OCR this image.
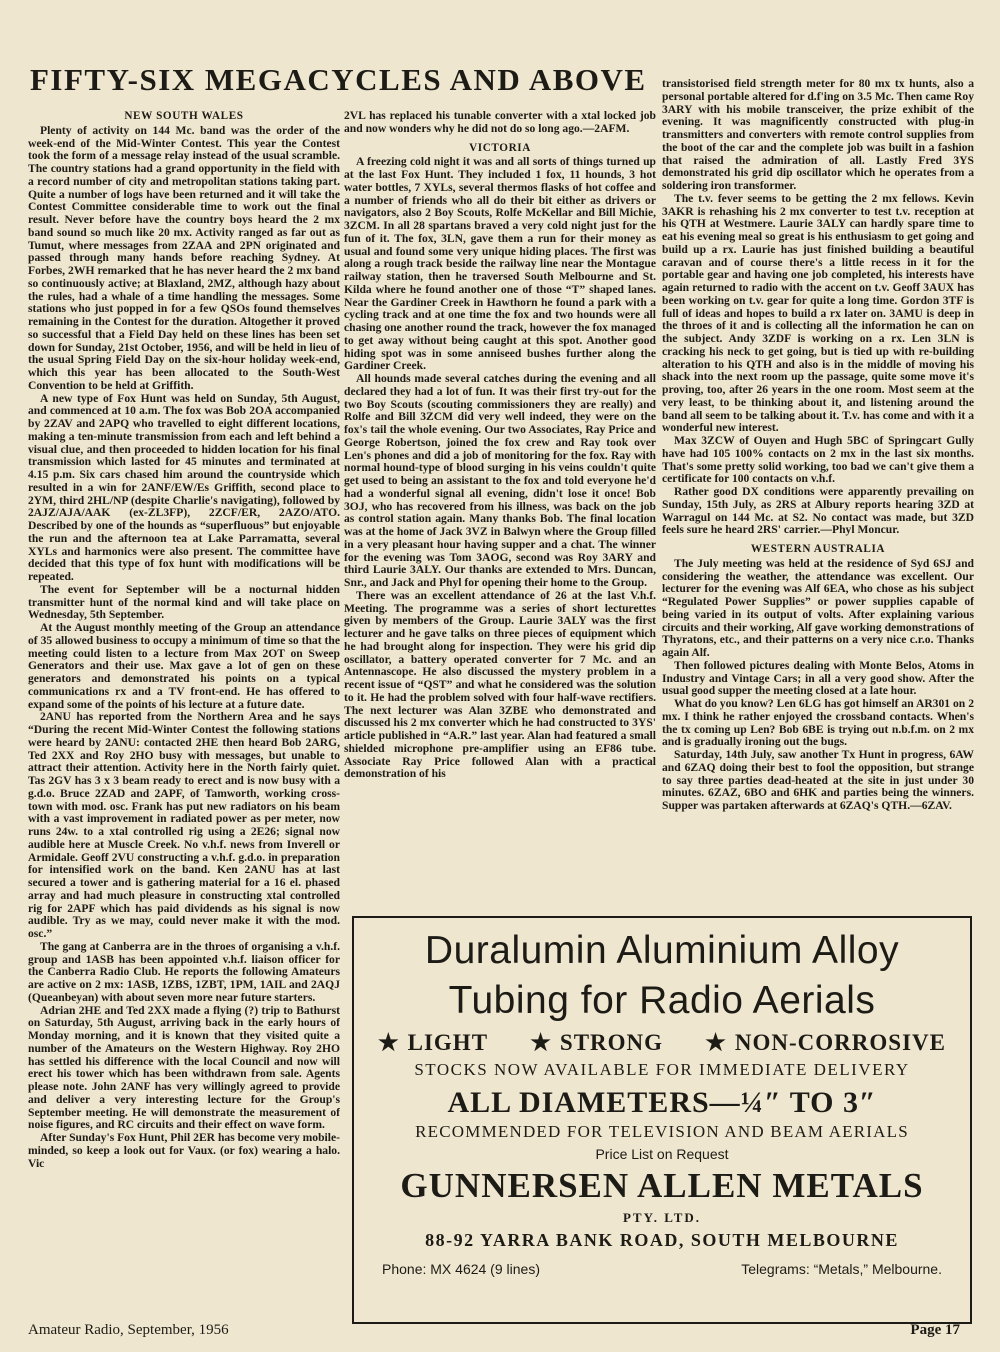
FIFTY-SIX MEGACYCLES AND ABOVE
NEW SOUTH WALES

Plenty of activity on 144 Mc. band was the order of the week-end of the Mid-Winter Contest. This year the Contest took the form of a message relay instead of the usual scramble. The country stations had a grand opportunity in the field with a record number of city and metropolitan stations taking part. Quite a number of logs have been returned and it will take the Contest Committee considerable time to work out the final result. Never before have the country boys heard the 2 mx band sound so much like 20 mx. Activity ranged as far out as Tumut, where messages from 2ZAA and 2PN originated and passed through many hands before reaching Sydney. At Forbes, 2WH remarked that he has never heard the 2 mx band so continuously active; at Blaxland, 2MZ, although hazy about the rules, had a whale of a time handling the messages. Some stations who just popped in for a few QSOs found themselves remaining in the Contest for the duration. Altogether it proved so successful that a Field Day held on these lines has been set down for Sunday, 21st October, 1956, and will be held in lieu of the usual Spring Field Day on the six-hour holiday week-end, which this year has been allocated to the South-West Convention to be held at Griffith.

A new type of Fox Hunt was held on Sunday, 5th August, and commenced at 10 a.m. The fox was Bob 2OA accompanied by 2ZAV and 2APQ who travelled to eight different locations, making a ten-minute transmission from each and left behind a visual clue, and then proceeded to hidden location for his final transmission which lasted for 45 minutes and terminated at 4.15 p.m. Six cars chased him around the countryside which resulted in a win for 2ANF/EW/Es Griffith, second place to 2YM, third 2HL/NP (despite Charlie's navigating), followed by 2AJZ/AJA/AAK (ex-ZL3FP), 2ZCF/ER, 2AZO/ATO. Described by one of the hounds as “superfluous” but enjoyable the run and the afternoon tea at Lake Parramatta, several XYLs and harmonics were also present. The committee have decided that this type of fox hunt with modifications will be repeated.

The event for September will be a nocturnal hidden transmitter hunt of the normal kind and will take place on Wednesday, 5th September.

At the August monthly meeting of the Group an attendance of 35 allowed business to occupy a minimum of time so that the meeting could listen to a lecture from Max 2OT on Sweep Generators and their use. Max gave a lot of gen on these generators and demonstrated his points on a typical communications rx and a TV front-end. He has offered to expand some of the points of his lecture at a future date.

2ANU has reported from the Northern Area and he says “During the recent Mid-Winter Contest the following stations were heard by 2ANU: contacted 2HE then heard Bob 2ARG, Ted 2XX and Roy 2HO busy with messages, but unable to attract their attention. Activity here in the North fairly quiet. Tas 2GV has 3 x 3 beam ready to erect and is now busy with a g.d.o. Bruce 2ZAD and 2APF, of Tamworth, working cross-town with mod. osc. Frank has put new radiators on his beam with a vast improvement in radiated power as per meter, now runs 24w. to a xtal controlled rig using a 2E26; signal now audible here at Muscle Creek. No v.h.f. news from Inverell or Armidale. Geoff 2VU constructing a v.h.f. g.d.o. in preparation for intensified work on the band. Ken 2ANU has at last secured a tower and is gathering material for a 16 el. phased array and had much pleasure in constructing xtal controlled rig for 2APF which has paid dividends as his signal is now audible. Try as we may, could never make it with the mod. osc.”

The gang at Canberra are in the throes of organising a v.h.f. group and 1ASB has been appointed v.h.f. liaison officer for the Canberra Radio Club. He reports the following Amateurs are active on 2 mx: 1ASB, 1ZBS, 1ZBT, 1PM, 1AIL and 2AQJ (Queanbeyan) with about seven more near future starters.

Adrian 2HE and Ted 2XX made a flying (?) trip to Bathurst on Saturday, 5th August, arriving back in the early hours of Monday morning, and it is known that they visited quite a number of the Amateurs on the Western Highway. Roy 2HO has settled his difference with the local Council and now will erect his tower which has been withdrawn from sale. Agents please note. John 2ANF has very willingly agreed to provide and deliver a very interesting lecture for the Group's September meeting. He will demonstrate the measurement of noise figures, and RC circuits and their effect on wave form.

After Sunday's Fox Hunt, Phil 2ER has become very mobile-minded, so keep a look out for Vaux. (or fox) wearing a halo. Vic

2VL has replaced his tunable converter with a xtal locked job and now wonders why he did not do so long ago.—2AFM.

VICTORIA

A freezing cold night it was and all sorts of things turned up at the last Fox Hunt. They included 1 fox, 11 hounds, 3 hot water bottles, 7 XYLs, several thermos flasks of hot coffee and a number of friends who all do their bit either as drivers or navigators, also 2 Boy Scouts, Rolfe McKellar and Bill Michie, 3ZCM. In all 28 spartans braved a very cold night just for the fun of it. The fox, 3LN, gave them a run for their money as usual and found some very unique hiding places. The first was along a rough track beside the railway line near the Montague railway station, then he traversed South Melbourne and St. Kilda where he found another one of those “T” shaped lanes. Near the Gardiner Creek in Hawthorn he found a park with a cycling track and at one time the fox and two hounds were all chasing one another round the track, however the fox managed to get away without being caught at this spot. Another good hiding spot was in some anniseed bushes further along the Gardiner Creek.

All hounds made several catches during the evening and all declared they had a lot of fun. It was their first try-out for the two Boy Scouts (scouting commissioners they are really) and Rolfe and Bill 3ZCM did very well indeed, they were on the fox's tail the whole evening. Our two Associates, Ray Price and George Robertson, joined the fox crew and Ray took over Len's phones and did a job of monitoring for the fox. Ray with normal hound-type of blood surging in his veins couldn't quite get used to being an assistant to the fox and told everyone he'd had a wonderful signal all evening, didn't lose it once! Bob 3OJ, who has recovered from his illness, was back on the job as control station again. Many thanks Bob. The final location was at the home of Jack 3VZ in Balwyn where the Group filled in a very pleasant hour having supper and a chat. The winner for the evening was Tom 3AOG, second was Roy 3ARY and third Laurie 3ALY. Our thanks are extended to Mrs. Duncan, Snr., and Jack and Phyl for opening their home to the Group.

There was an excellent attendance of 26 at the last V.h.f. Meeting. The programme was a series of short lecturettes given by members of the Group. Laurie 3ALY was the first lecturer and he gave talks on three pieces of equipment which he had brought along for inspection. They were his grid dip oscillator, a battery operated converter for 7 Mc. and an Antennascope. He also discussed the mystery problem in a recent issue of “QST” and what he considered was the solution to it. He had the problem solved with four half-wave rectifiers. The next lecturer was Alan 3ZBE who demonstrated and discussed his 2 mx converter which he had constructed to 3YS' article published in “A.R.” last year. Alan had featured a small shielded microphone pre-amplifier using an EF86 tube. Associate Ray Price followed Alan with a practical demonstration of his

transistorised field strength meter for 80 mx tx hunts, also a personal portable altered for d.f'ing on 3.5 Mc. Then came Roy 3ARY with his mobile transceiver, the prize exhibit of the evening. It was magnificently constructed with plug-in transmitters and converters with remote control supplies from the boot of the car and the complete job was built in a fashion that raised the admiration of all. Lastly Fred 3YS demonstrated his grid dip oscillator which he operates from a soldering iron transformer.

The t.v. fever seems to be getting the 2 mx fellows. Kevin 3AKR is rehashing his 2 mx converter to test t.v. reception at his QTH at Westmere. Laurie 3ALY can hardly spare time to eat his evening meal so great is his enthusiasm to get going and build up a rx. Laurie has just finished building a beautiful caravan and of course there's a little recess in it for the portable gear and having one job completed, his interests have again returned to radio with the accent on t.v. Geoff 3AUX has been working on t.v. gear for quite a long time. Gordon 3TF is full of ideas and hopes to build a rx later on. 3AMU is deep in the throes of it and is collecting all the information he can on the subject. Andy 3ZDF is working on a rx. Len 3LN is cracking his neck to get going, but is tied up with re-building alteration to his QTH and also is in the middle of moving his shack into the next room up the passage, quite some move it's proving, too, after 26 years in the one room. Most seem at the very least, to be thinking about it, and listening around the band all seem to be talking about it. T.v. has come and with it a wonderful new interest.

Max 3ZCW of Ouyen and Hugh 5BC of Springcart Gully have had 105 100% contacts on 2 mx in the last six months. That's some pretty solid working, too bad we can't give them a certificate for 100 contacts on v.h.f.

Rather good DX conditions were apparently prevailing on Sunday, 15th July, as 2RS at Albury reports hearing 3ZD at Warragul on 144 Mc. at S2. No contact was made, but 3ZD feels sure he heard 2RS' carrier.—Phyl Moncur.

WESTERN AUSTRALIA

The July meeting was held at the residence of Syd 6SJ and considering the weather, the attendance was excellent. Our lecturer for the evening was Alf 6EA, who chose as his subject “Regulated Power Supplies” or power supplies capable of being varied in its output of volts. After explaining various circuits and their working, Alf gave working demonstrations of Thyratons, etc., and their patterns on a very nice c.r.o. Thanks again Alf.

Then followed pictures dealing with Monte Belos, Atoms in Industry and Vintage Cars; in all a very good show. After the usual good supper the meeting closed at a late hour.

What do you know? Len 6LG has got himself an AR301 on 2 mx. I think he rather enjoyed the crossband contacts. When's the tx coming up Len? Bob 6BE is trying out n.b.f.m. on 2 mx and is gradually ironing out the bugs.

Saturday, 14th July, saw another Tx Hunt in progress, 6AW and 6ZAQ doing their best to fool the opposition, but strange to say three parties dead-heated at the site in just under 30 minutes. 6ZAZ, 6BO and 6HK and parties being the winners. Supper was partaken afterwards at 6ZAQ's QTH.—6ZAV.

Duralumin Aluminium Alloy
Tubing for Radio Aerials
★ LIGHT ★ STRONG ★ NON-CORROSIVE
STOCKS NOW AVAILABLE FOR IMMEDIATE DELIVERY
ALL DIAMETERS—¼″ TO 3″
RECOMMENDED FOR TELEVISION AND BEAM AERIALS
Price List on Request
GUNNERSEN ALLEN METALS
PTY. LTD.
88-92 YARRA BANK ROAD, SOUTH MELBOURNE
Phone: MX 4624 (9 lines)	Telegrams: “Metals,” Melbourne.
Amateur Radio, September, 1956	Page 17
